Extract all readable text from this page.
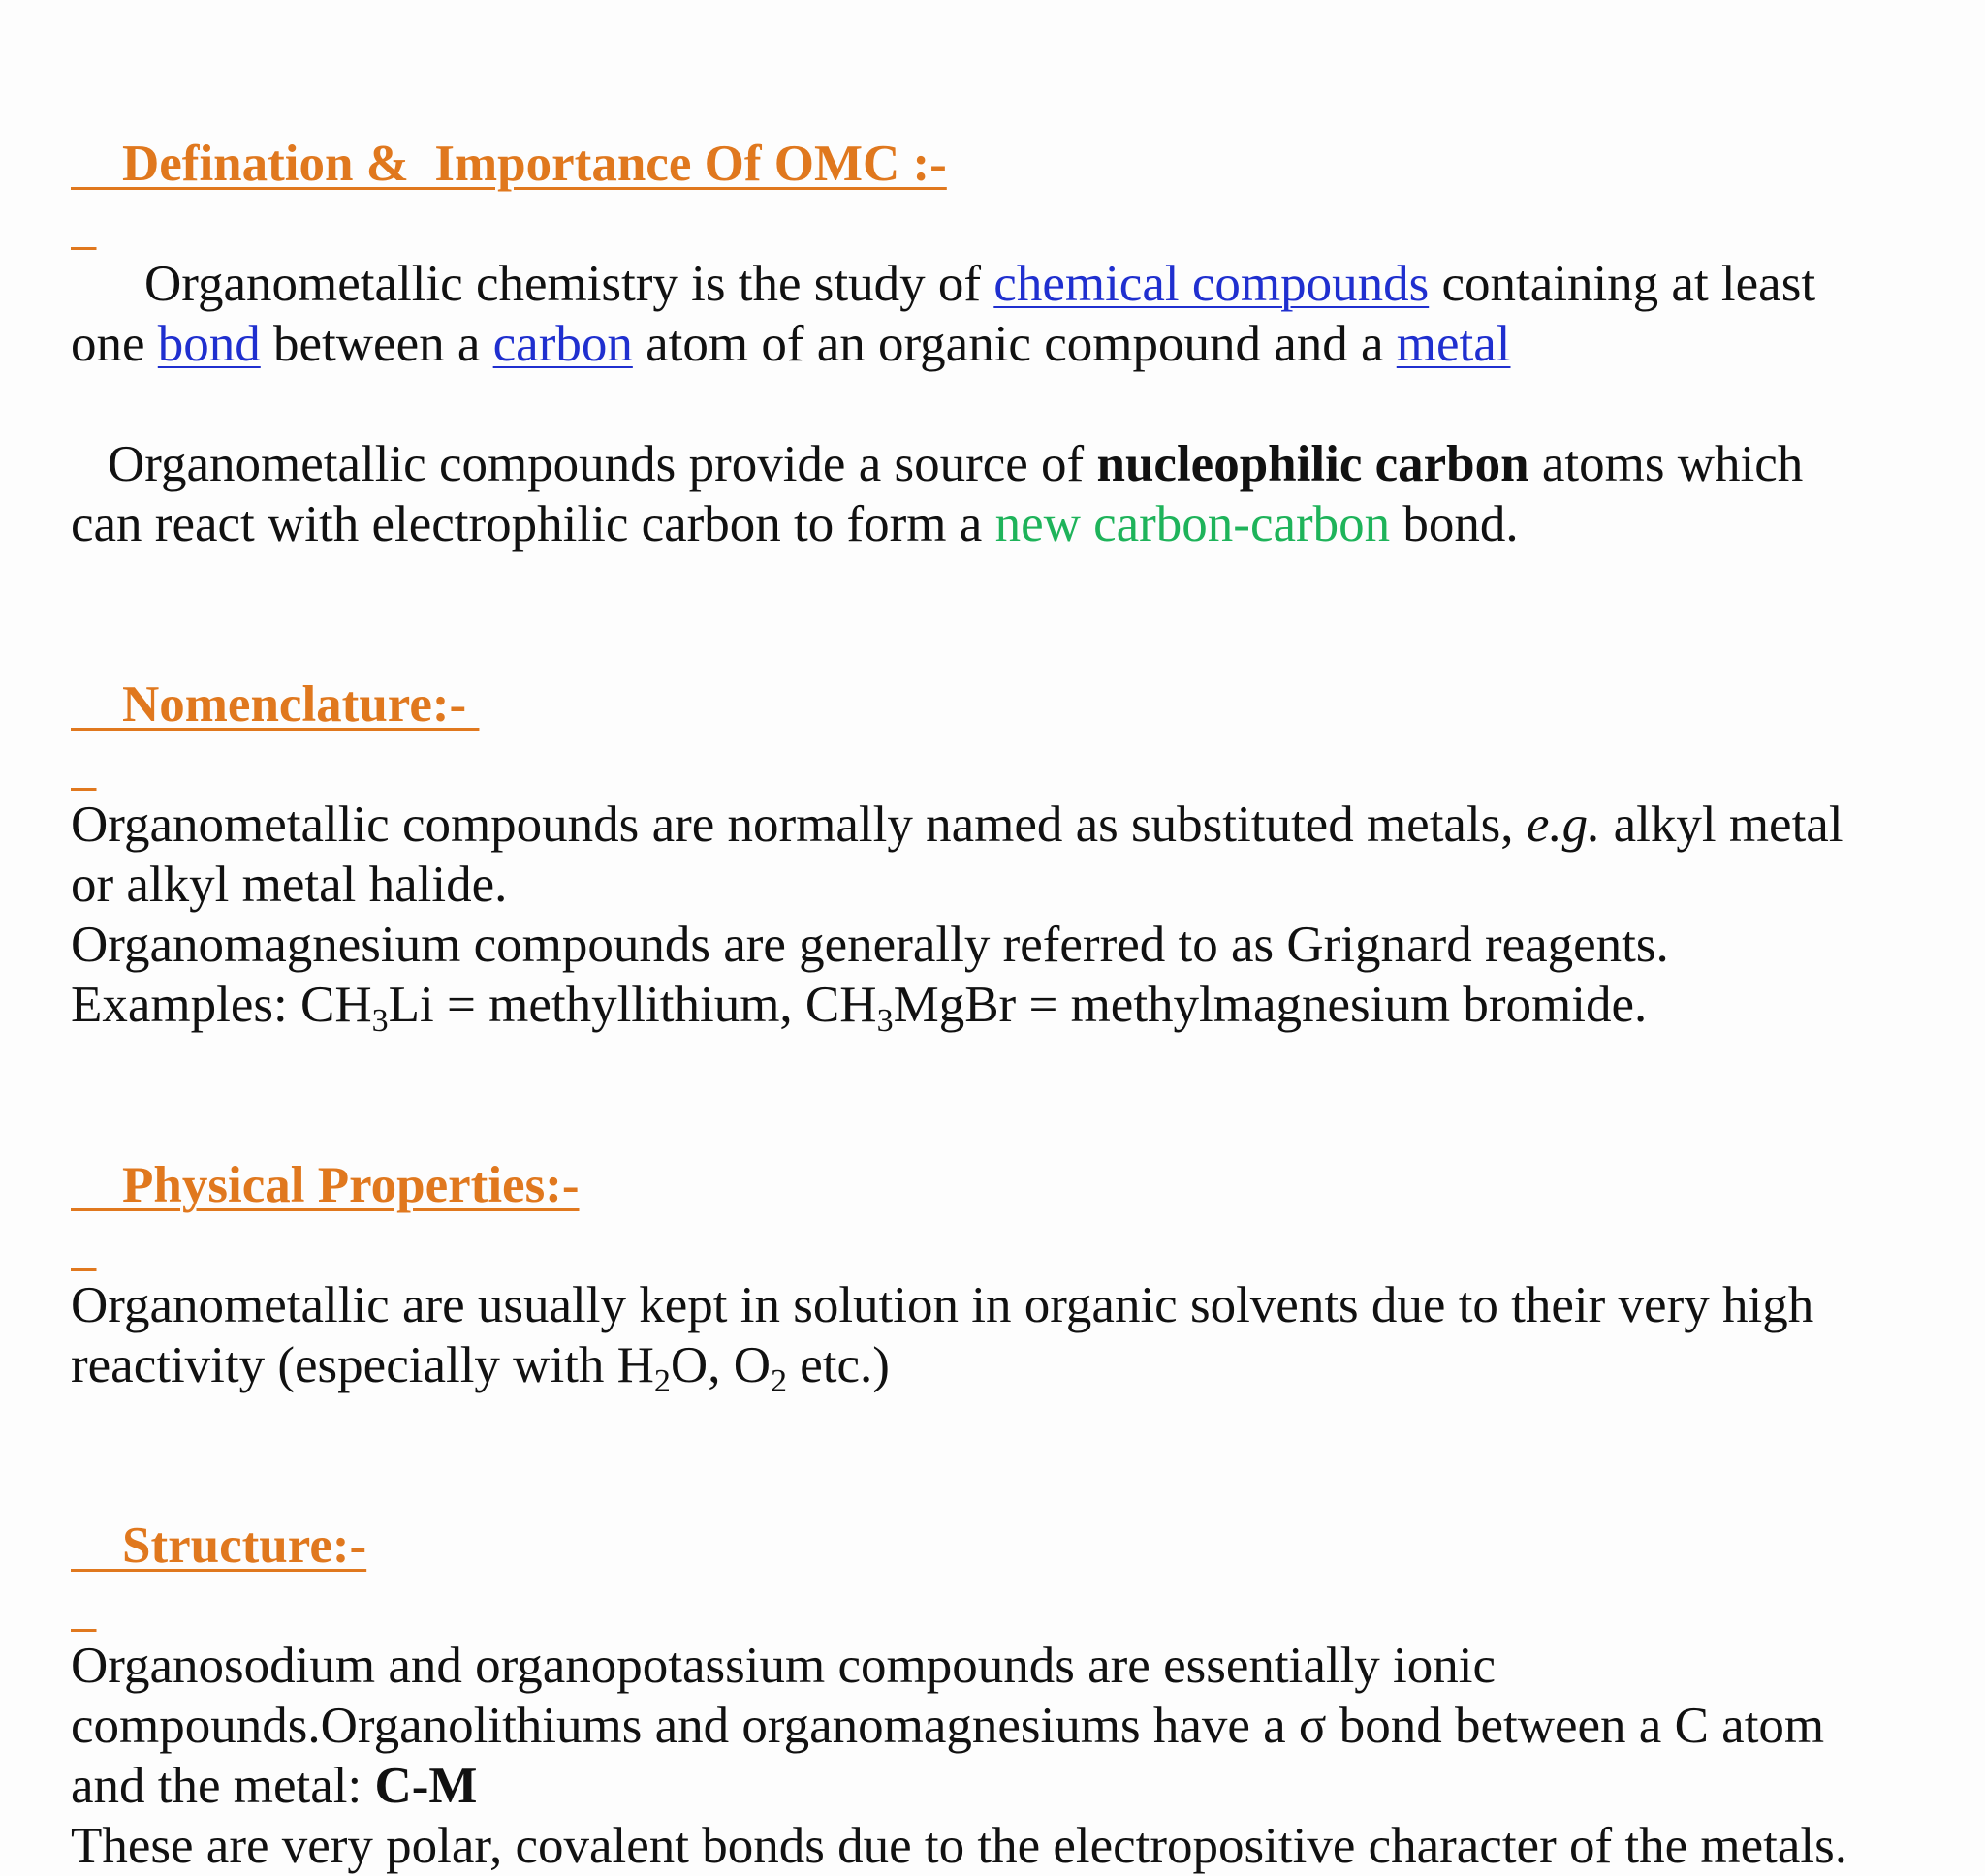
Defination &  Importance Of OMC :-

Organometallic chemistry is the study of chemical compounds containing at least one bond between a carbon atom of an organic compound and a metal

Organometallic compounds provide a source of nucleophilic carbon atoms which can react with electrophilic carbon to form a new carbon-carbon bond.

Nomenclature:-

Organometallic compounds are normally named as substituted metals, e.g. alkyl metal or alkyl metal halide.

Organomagnesium compounds are generally referred to as Grignard reagents.

Examples: $CH_3Li$ = methyllithium, $CH_3MgBr$ = methylmagnesium bromide.

Physical Properties:-

Organometallic are usually kept in solution in organic solvents due to their very high reactivity (especially with $H_2O$, $O_2$ etc.)

Structure:-

Organosodium and organopotassium compounds are essentially ionic compounds.Organolithiums and organomagnesiums have a σ bond between a C atom and the metal: C-M

These are very polar, covalent bonds due to the electropositive character of the metals.
